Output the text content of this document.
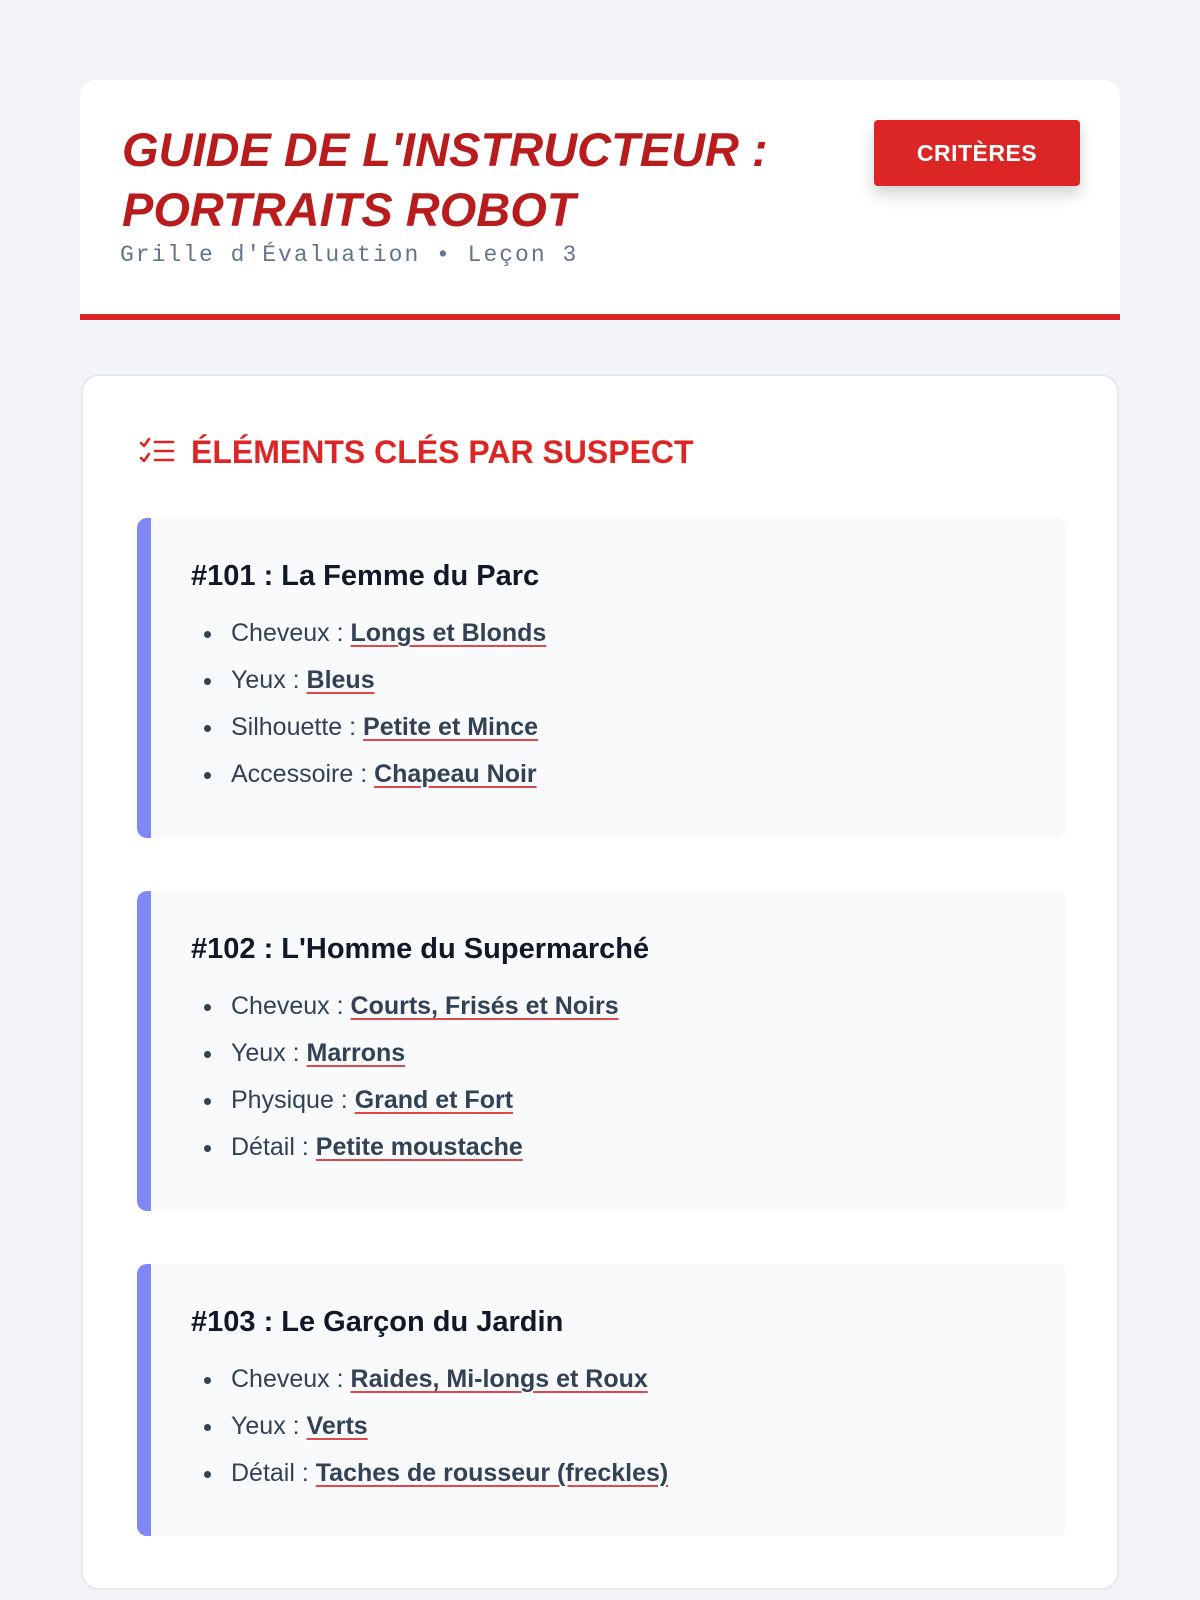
GUIDE DE L'INSTRUCTEUR : PORTRAITS ROBOT
Grille d'Évaluation • Leçon 3
CRITÈRES
ÉLÉMENTS CLÉS PAR SUSPECT
#101 : La Femme du Parc
Cheveux : Longs et Blonds
Yeux : Bleus
Silhouette : Petite et Mince
Accessoire : Chapeau Noir
#102 : L'Homme du Supermarché
Cheveux : Courts, Frisés et Noirs
Yeux : Marrons
Physique : Grand et Fort
Détail : Petite moustache
#103 : Le Garçon du Jardin
Cheveux : Raides, Mi-longs et Roux
Yeux : Verts
Détail : Taches de rousseur (freckles)
